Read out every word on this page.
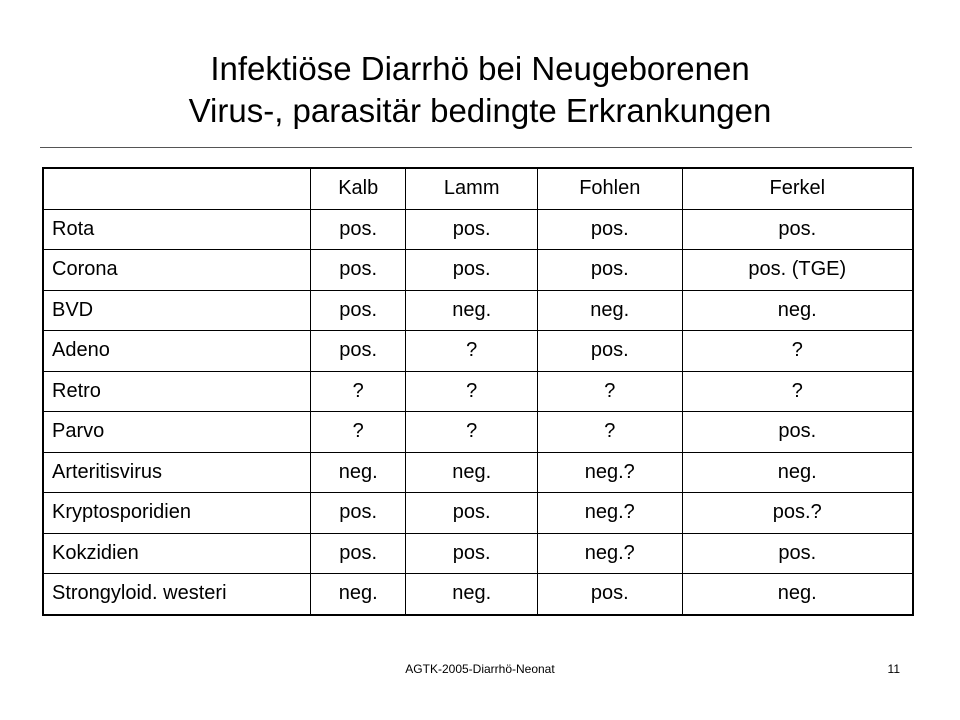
Infektiöse Diarrhö bei Neugeborenen
Virus-, parasitär bedingte Erkrankungen
	Kalb	Lamm	Fohlen	Ferkel
Rota	pos.	pos.	pos.	pos.
Corona	pos.	pos.	pos.	pos. (TGE)
BVD	pos.	neg.	neg.	neg.
Adeno	pos.	?	pos.	?
Retro	?	?	?	?
Parvo	?	?	?	pos.
Arteritisvirus	neg.	neg.	neg.?	neg.
Kryptosporidien	pos.	pos.	neg.?	pos.?
Kokzidien	pos.	pos.	neg.?	pos.
Strongyloid. westeri	neg.	neg.	pos.	neg.
AGTK-2005-Diarrhö-Neonat	11
